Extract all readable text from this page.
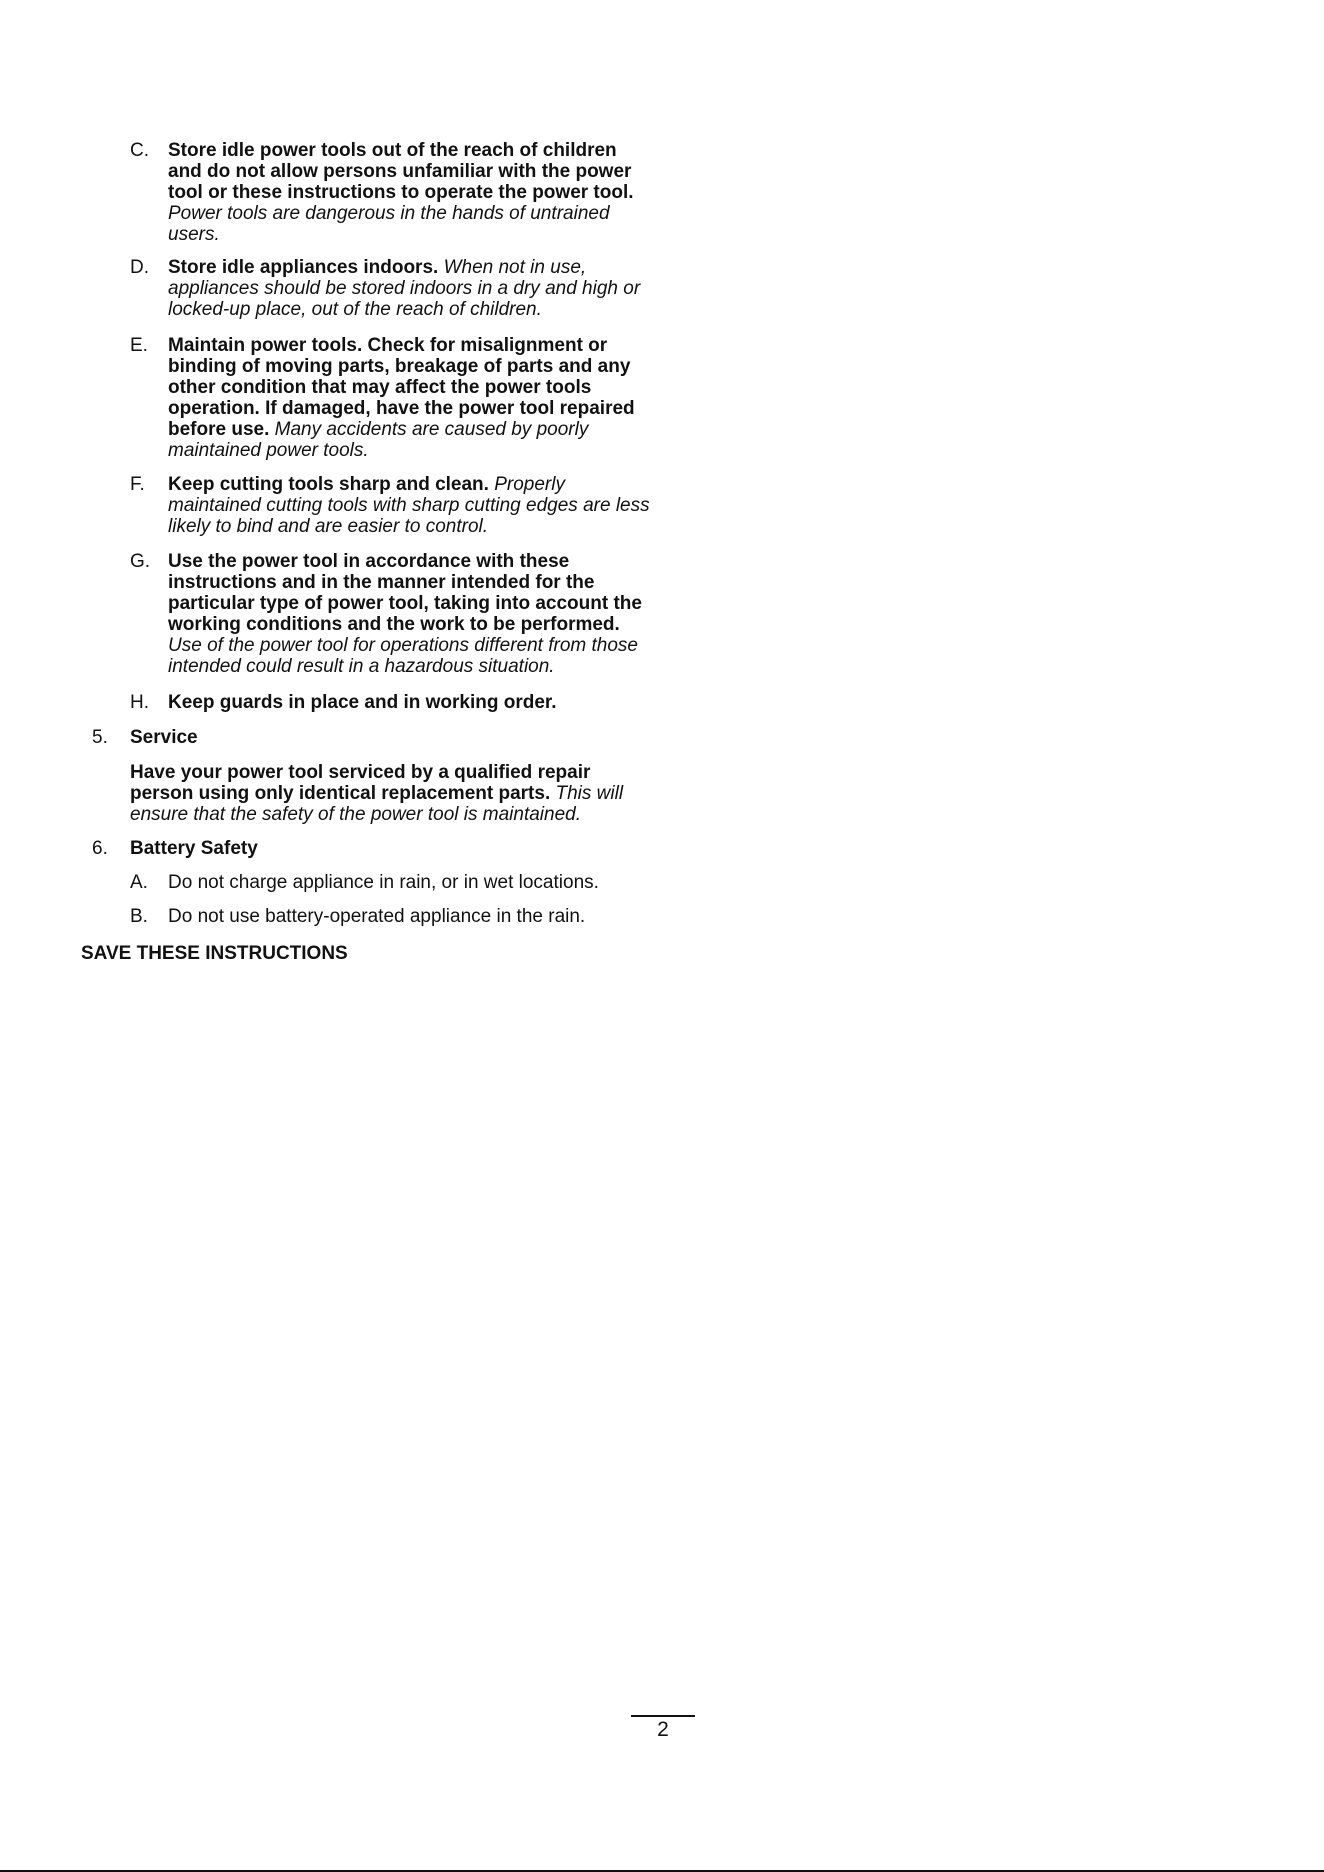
C.	Store idle power tools out of the reach of children and do not allow persons unfamiliar with the power tool or these instructions to operate the power tool. Power tools are dangerous in the hands of untrained users.
D.	Store idle appliances indoors. When not in use, appliances should be stored indoors in a dry and high or locked-up place, out of the reach of children.
E.	Maintain power tools. Check for misalignment or binding of moving parts, breakage of parts and any other condition that may affect the power tools operation. If damaged, have the power tool repaired before use. Many accidents are caused by poorly maintained power tools.
F.	Keep cutting tools sharp and clean. Properly maintained cutting tools with sharp cutting edges are less likely to bind and are easier to control.
G. Use the power tool in accordance with these instructions and in the manner intended for the particular type of power tool, taking into account the working conditions and the work to be performed. Use of the power tool for operations different from those intended could result in a hazardous situation.
H.	Keep guards in place and in working order.
5.	Service
Have your power tool serviced by a qualified repair person using only identical replacement parts. This will ensure that the safety of the power tool is maintained.
6.	Battery Safety
A.	Do not charge appliance in rain, or in wet locations.
B.	Do not use battery-operated appliance in the rain.
SAVE THESE INSTRUCTIONS
2
